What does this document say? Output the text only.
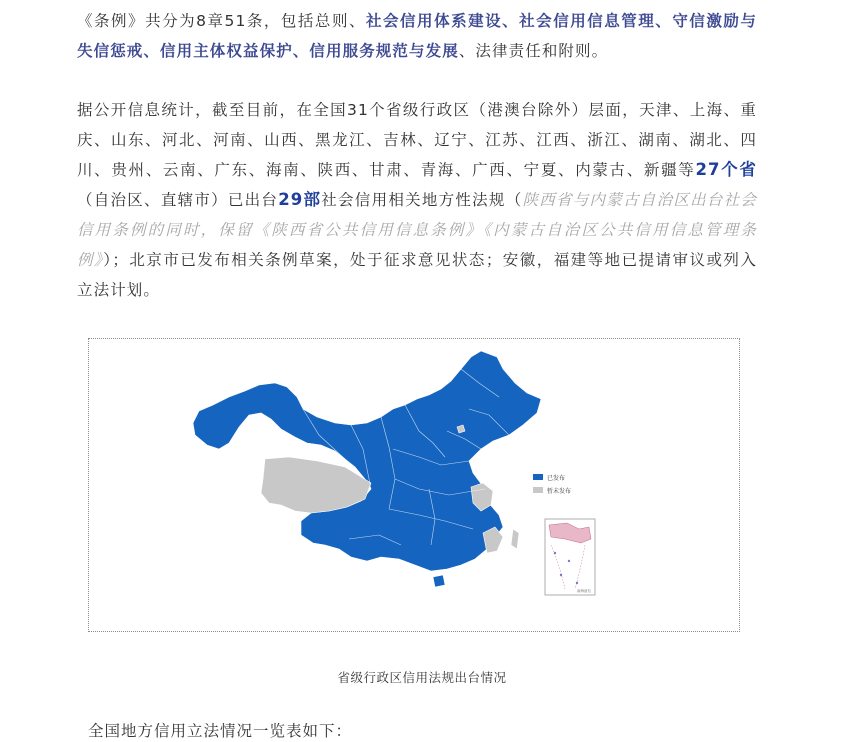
《条例》共分为8章51条，包括总则、社会信用体系建设、社会信用信息管理、守信激励与失信惩戒、信用主体权益保护、信用服务规范与发展、法律责任和附则。

据公开信息统计，截至目前，在全国31个省级行政区（港澳台除外）层面，天津、上海、重庆、山东、河北、河南、山西、黑龙江、吉林、辽宁、江苏、江西、浙江、湖南、湖北、四川、贵州、云南、广东、海南、陕西、甘肃、青海、广西、宁夏、内蒙古、新疆等27个省（自治区、直辖市）已出台29部社会信用相关地方性法规（陕西省与内蒙古自治区出台社会信用条例的同时，保留《陕西省公共信用信息条例》《内蒙古自治区公共信用信息管理条例》）；北京市已发布相关条例草案，处于征求意见状态；安徽，福建等地已提请审议或列入立法计划。

已发布
暂未发布
南海诸岛
省级行政区信用法规出台情况
全国地方信用立法情况一览表如下：
